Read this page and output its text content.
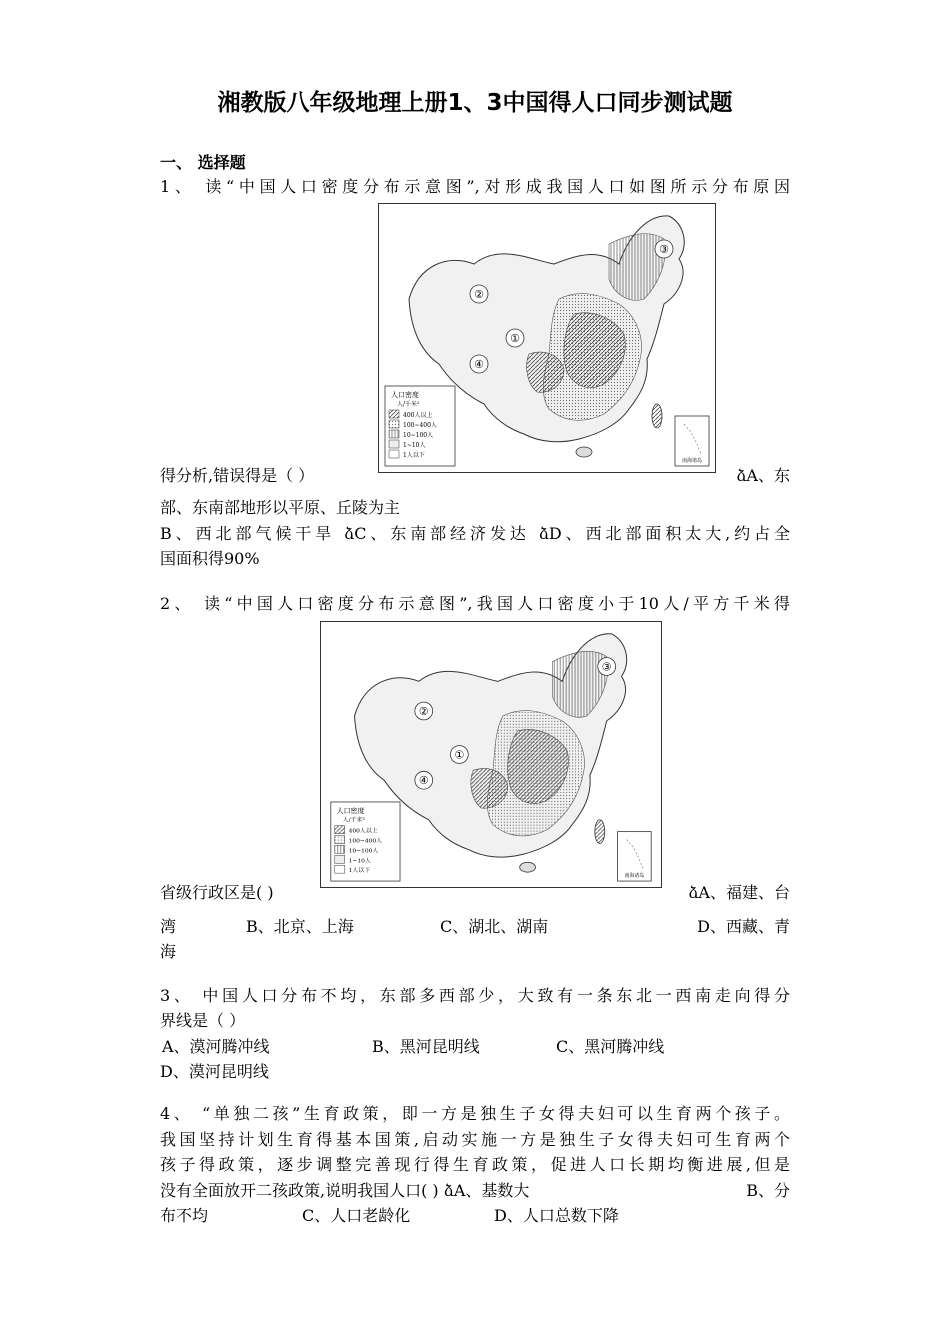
湘教版八年级地理上册1、3中国得人口同步测试题
一、 选择题
1、 读“中国人口密度分布示意图”,对形成我国人口如图所示分布原因
②
①
③
④
人口密度
人/千米²
400人以上
100~400人
10~100人
1~10人
1人以下
南海诸岛
得分析,错误得是（ ）	ձA、东
部、东南部地形以平原、丘陵为主
B、西北部气候干旱 ձC、东南部经济发达 ձD、西北部面积太大,约占全
国面积得90%
2、 读“中国人口密度分布示意图”,我国人口密度小于10人/平方千米得
②
①
③
④
人口密度
人/千米²
400人以上
100~400人
10~100人
1~10人
1人以下
南海诸岛
省级行政区是( )	ձA、福建、台
湾	B、北京、上海	C、湖北、湖南	D、西藏、青
海
3、 中国人口分布不均，东部多西部少，大致有一条东北一西南走向得分
界线是（ ）
A、漠河腾冲线	B、黑河昆明线	C、黑河腾冲线
D、漠河昆明线
4、 “单独二孩”生育政策，即一方是独生子女得夫妇可以生育两个孩子。
我国坚持计划生育得基本国策,启动实施一方是独生子女得夫妇可生育两个
孩子得政策，逐步调整完善现行得生育政策，促进人口长期均衡进展,但是
没有全面放开二孩政策,说明我国人口( ) ձA、基数大	B、分
布不均	C、人口老龄化	D、人口总数下降
